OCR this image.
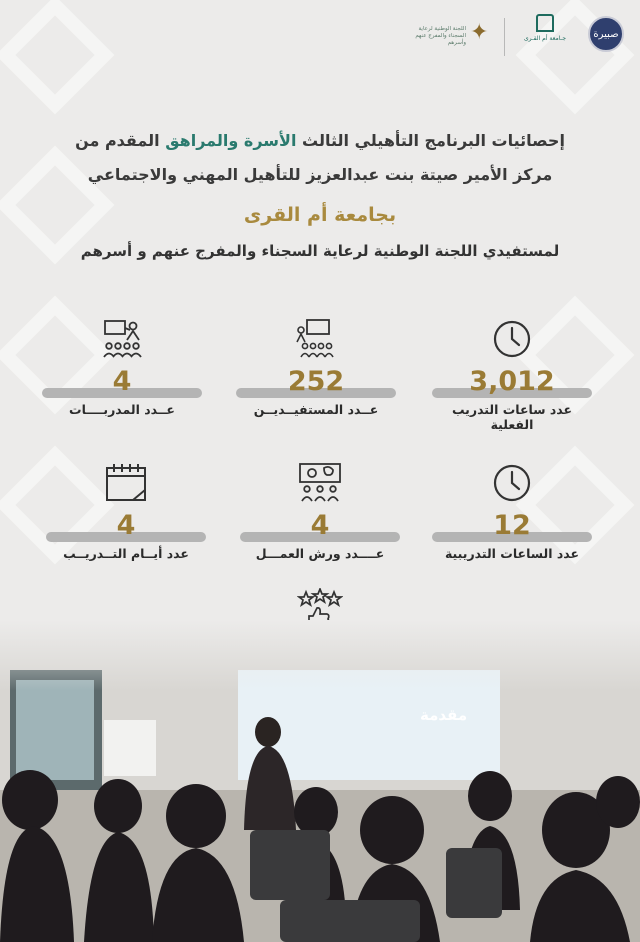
صبيرة
جـامعة أم القـرى
اللجنة الوطنية لرعاية السجناء والمفرج عنهم وأسرهم ✦
إحصائيات البرنامج التأهيلي الثالث الأسرة والمراهق المقدم من
مركز الأمير صيتة بنت عبدالعزيز للتأهيل المهني والاجتماعي
بجامعة أم القرى
لمستفيدي اللجنة الوطنية لرعاية السجناء والمفرج عنهم و أسرهم
3,012
عدد ساعات التدريب الفعلية
252
عــدد المستفيــديــن
4
عــدد المدربــــات
12
عدد الساعات التدريبية
4
عــــدد ورش العمـــل
4
عدد أيــام التــدريــب
مقدمة
